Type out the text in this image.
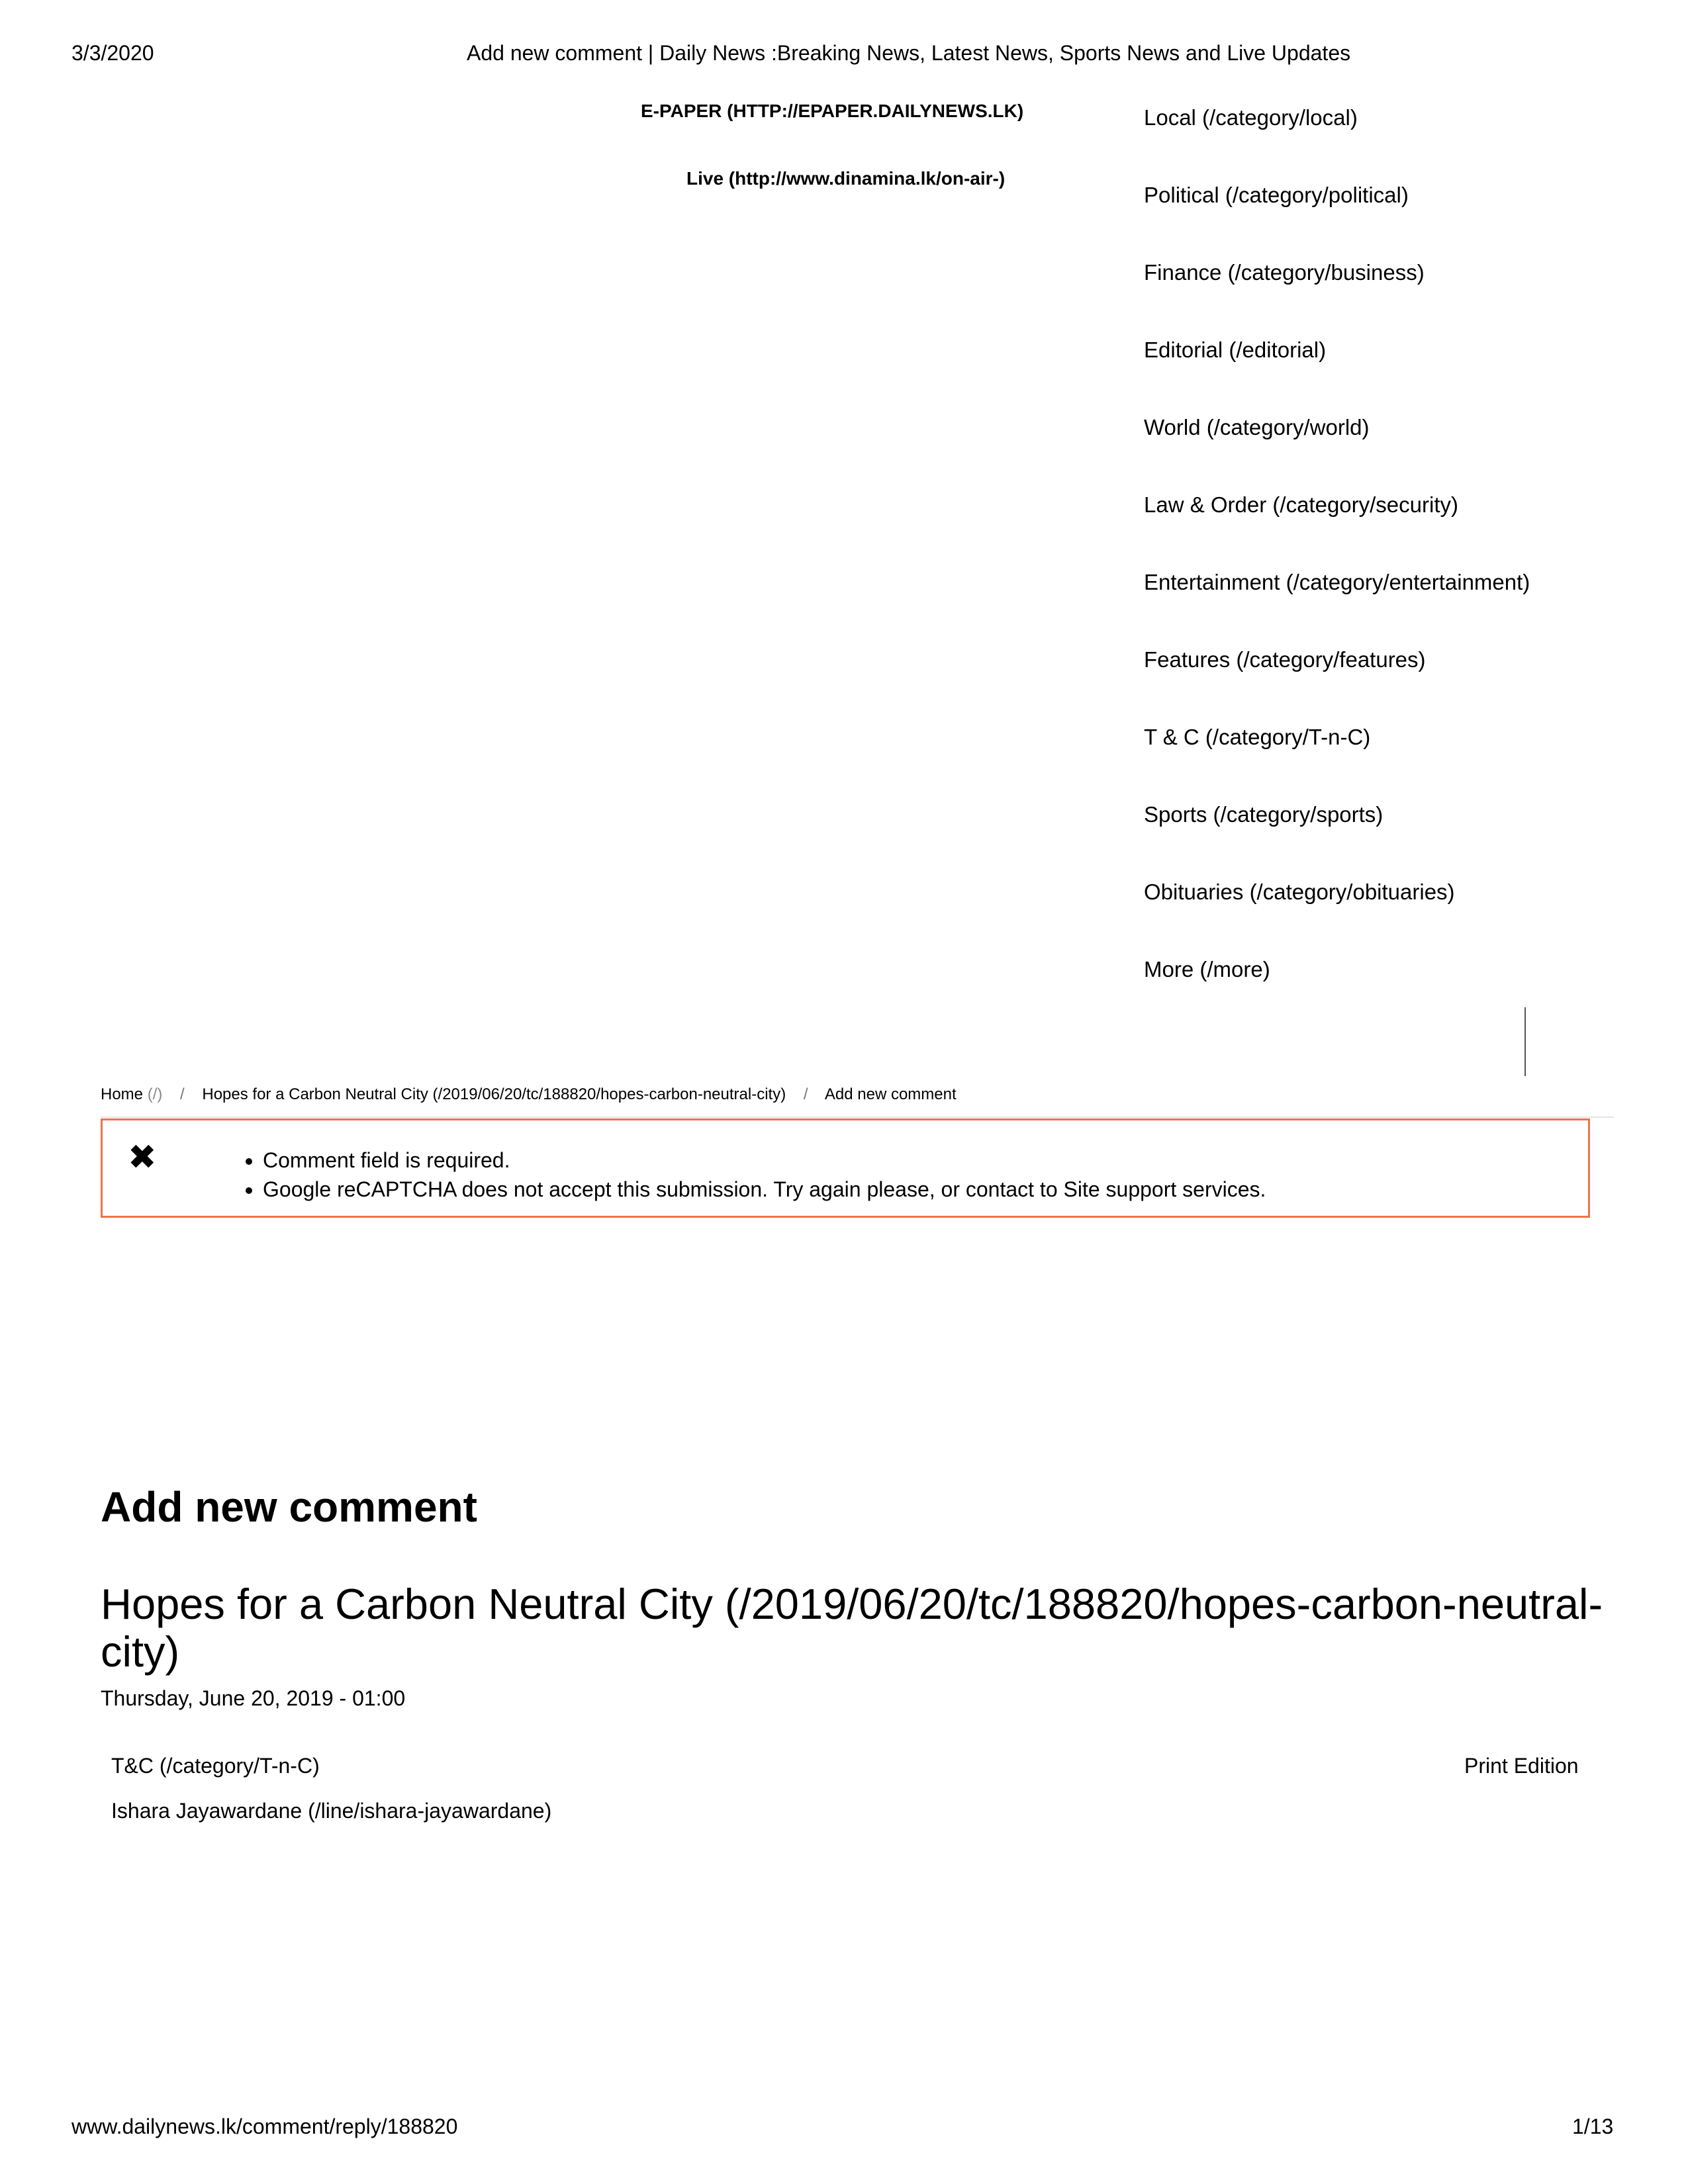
3/3/2020	Add new comment | Daily News :Breaking News, Latest News, Sports News and Live Updates
E-PAPER (HTTP://EPAPER.DAILYNEWS.LK)
Live (http://www.dinamina.lk/on-air-)
Local (/category/local)
Political (/category/political)
Finance (/category/business)
Editorial (/editorial)
World (/category/world)
Law & Order (/category/security)
Entertainment (/category/entertainment)
Features (/category/features)
T & C (/category/T-n-C)
Sports (/category/sports)
Obituaries (/category/obituaries)
More (/more)
Home (/) / Hopes for a Carbon Neutral City (/2019/06/20/tc/188820/hopes-carbon-neutral-city) / Add new comment
✖
•	Comment field is required.
• Google reCAPTCHA does not accept this submission. Try again please, or contact to Site support services.
Add new comment
Hopes for a Carbon Neutral City (/2019/06/20/tc/188820/hopes-carbon-neutral-city)
Thursday, June 20, 2019 - 01:00
T&C (/category/T-n-C)	Print Edition
Ishara Jayawardane (/line/ishara-jayawardane)
www.dailynews.lk/comment/reply/188820	1/13
